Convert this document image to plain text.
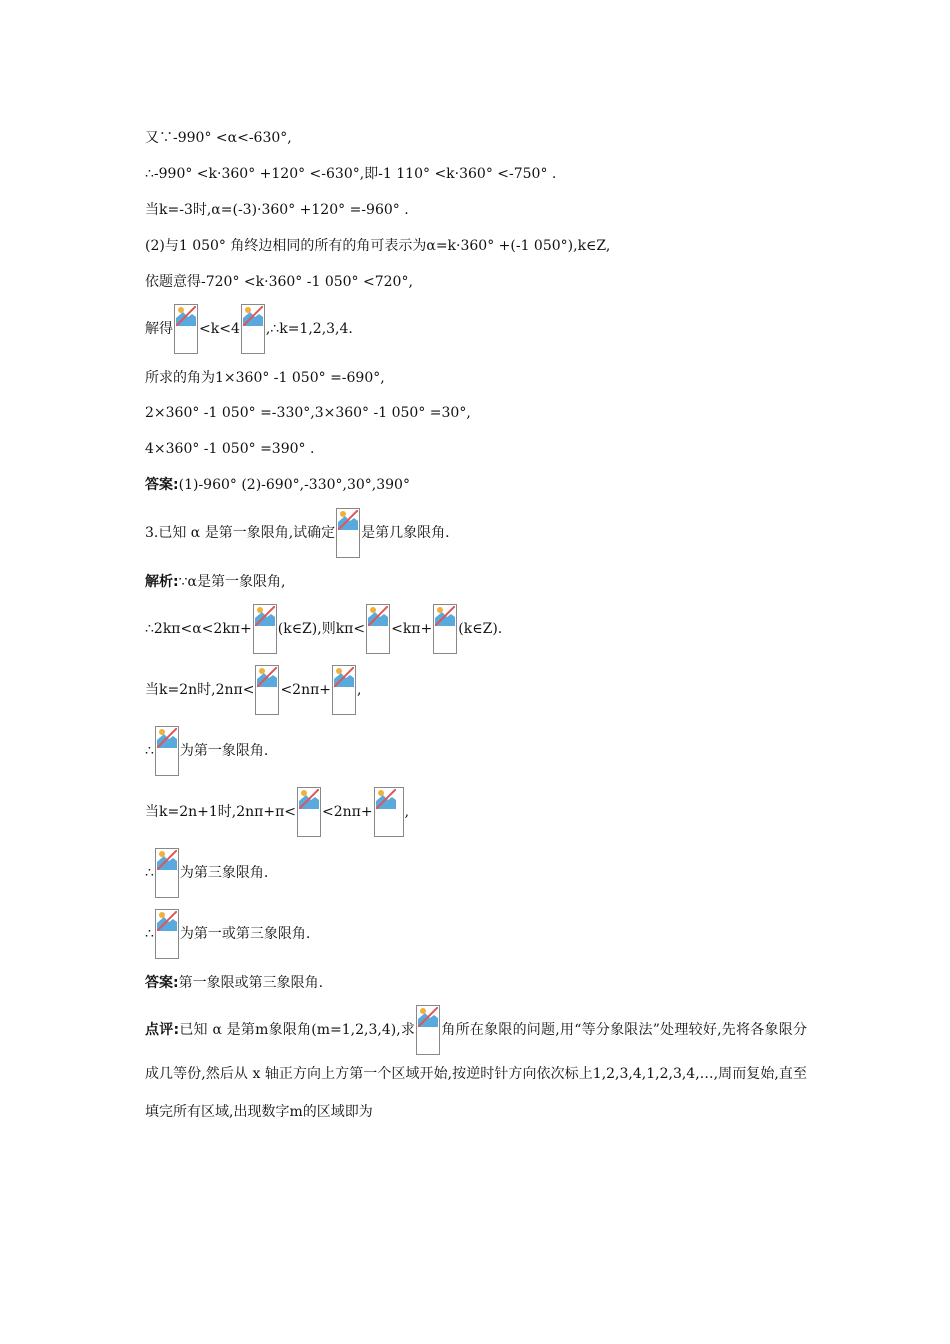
又∵-990° <α<-630°,
∴-990° <k·360° +120° <-630°,即-1 110° <k·360° <-750° .
当k=-3时,α=(-3)·360° +120° =-960° .
(2)与1 050° 角终边相同的所有的角可表示为α=k·360° +(-1 050°),k∈Z,
依题意得-720° <k·360° -1 050° <720°,
解得 <k<4 ,∴k=1,2,3,4.
所求的角为1×360° -1 050° =-690°,
2×360° -1 050° =-330°,3×360° -1 050° =30°,
4×360° -1 050° =390° .
答案:(1)-960° (2)-690°,-330°,30°,390°
3.已知 α 是第一象限角,试确定 是第几象限角.
解析:∵α是第一象限角,
∴2kπ<α<2kπ+ (k∈Z),则kπ< <kπ+ (k∈Z).
当k=2n时,2nπ< <2nπ+ ,
∴ 为第一象限角.
当k=2n+1时,2nπ+π< <2nπ+ ,
∴ 为第三象限角.
∴ 为第一或第三象限角.
答案:第一象限或第三象限角.
点评:已知 α 是第m象限角(m=1,2,3,4),求 角所在象限的问题,用“等分象限法”处理较好,先将各象限分成几等份,然后从 x 轴正方向上方第一个区域开始,按逆时针方向依次标上1,2,3,4,1,2,3,4,…,周而复始,直至填完所有区域,出现数字m的区域即为
